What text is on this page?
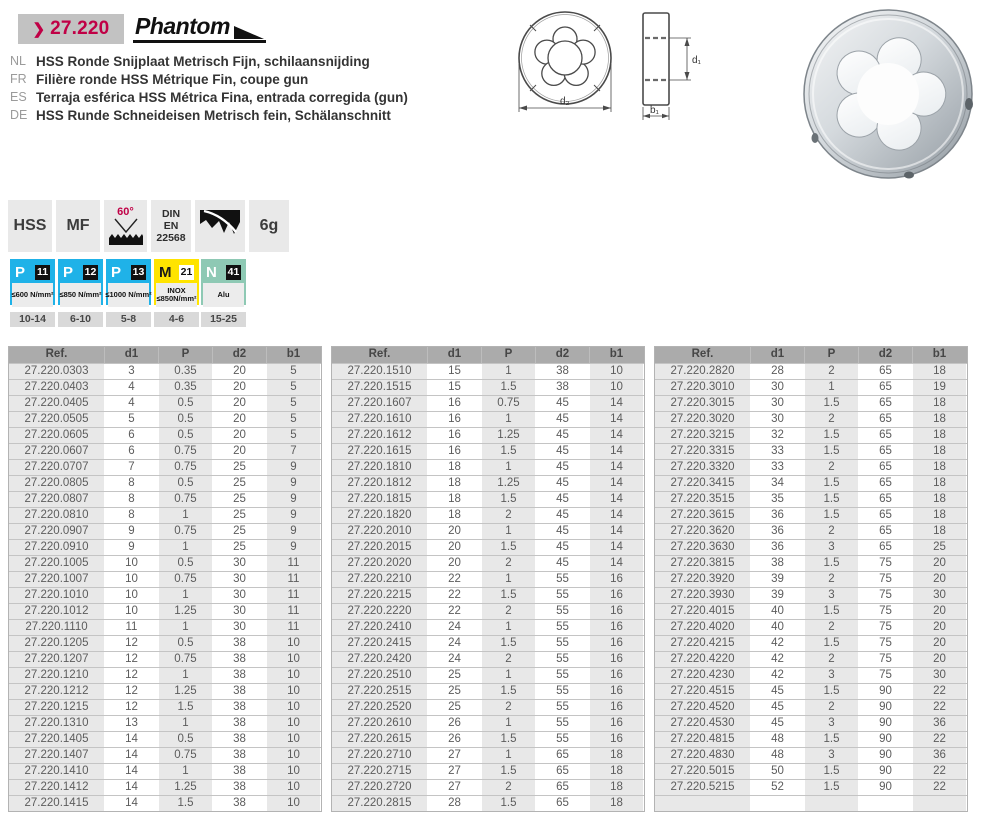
❯ 27.220 Phantom
NL HSS Ronde Snijplaat Metrisch Fijn, schilaansnijding
FR Filière ronde HSS Métrique Fin, coupe gun
ES Terraja esférica HSS Métrica Fina, entrada corregida (gun)
DE HSS Runde Schneideisen Metrisch fein, Schälanschnitt
d₂
d₁
b₁
HSS MF
60°	DIN
EN
22568
6g
P 11
≤600 N/mm²
P 12
≤850 N/mm²
P 13
≤1000 N/mm²
M 21
INOX
≤850N/mm²
N 41
Alu
10-14	6-10	5-8	4-6	15-25
Ref.	d1	P	d2	b1
27.220.0303	3	0.35	20	5
27.220.0403	4	0.35	20	5
27.220.0405	4	0.5	20	5
27.220.0505	5	0.5	20	5
27.220.0605	6	0.5	20	5
27.220.0607	6	0.75	20	7
27.220.0707	7	0.75	25	9
27.220.0805	8	0.5	25	9
27.220.0807	8	0.75	25	9
27.220.0810	8	1	25	9
27.220.0907	9	0.75	25	9
27.220.0910	9	1	25	9
27.220.1005	10	0.5	30	11
27.220.1007	10	0.75	30	11
27.220.1010	10	1	30	11
27.220.1012	10	1.25	30	11
27.220.1110	11	1	30	11
27.220.1205	12	0.5	38	10
27.220.1207	12	0.75	38	10
27.220.1210	12	1	38	10
27.220.1212	12	1.25	38	10
27.220.1215	12	1.5	38	10
27.220.1310	13	1	38	10
27.220.1405	14	0.5	38	10
27.220.1407	14	0.75	38	10
27.220.1410	14	1	38	10
27.220.1412	14	1.25	38	10
27.220.1415	14	1.5	38	10
Ref.	d1	P	d2	b1
27.220.1510	15	1	38	10
27.220.1515	15	1.5	38	10
27.220.1607	16	0.75	45	14
27.220.1610	16	1	45	14
27.220.1612	16	1.25	45	14
27.220.1615	16	1.5	45	14
27.220.1810	18	1	45	14
27.220.1812	18	1.25	45	14
27.220.1815	18	1.5	45	14
27.220.1820	18	2	45	14
27.220.2010	20	1	45	14
27.220.2015	20	1.5	45	14
27.220.2020	20	2	45	14
27.220.2210	22	1	55	16
27.220.2215	22	1.5	55	16
27.220.2220	22	2	55	16
27.220.2410	24	1	55	16
27.220.2415	24	1.5	55	16
27.220.2420	24	2	55	16
27.220.2510	25	1	55	16
27.220.2515	25	1.5	55	16
27.220.2520	25	2	55	16
27.220.2610	26	1	55	16
27.220.2615	26	1.5	55	16
27.220.2710	27	1	65	18
27.220.2715	27	1.5	65	18
27.220.2720	27	2	65	18
27.220.2815	28	1.5	65	18
Ref.	d1	P	d2	b1
27.220.2820	28	2	65	18
27.220.3010	30	1	65	19
27.220.3015	30	1.5	65	18
27.220.3020	30	2	65	18
27.220.3215	32	1.5	65	18
27.220.3315	33	1.5	65	18
27.220.3320	33	2	65	18
27.220.3415	34	1.5	65	18
27.220.3515	35	1.5	65	18
27.220.3615	36	1.5	65	18
27.220.3620	36	2	65	18
27.220.3630	36	3	65	25
27.220.3815	38	1.5	75	20
27.220.3920	39	2	75	20
27.220.3930	39	3	75	30
27.220.4015	40	1.5	75	20
27.220.4020	40	2	75	20
27.220.4215	42	1.5	75	20
27.220.4220	42	2	75	20
27.220.4230	42	3	75	30
27.220.4515	45	1.5	90	22
27.220.4520	45	2	90	22
27.220.4530	45	3	90	36
27.220.4815	48	1.5	90	22
27.220.4830	48	3	90	36
27.220.5015	50	1.5	90	22
27.220.5215	52	1.5	90	22
